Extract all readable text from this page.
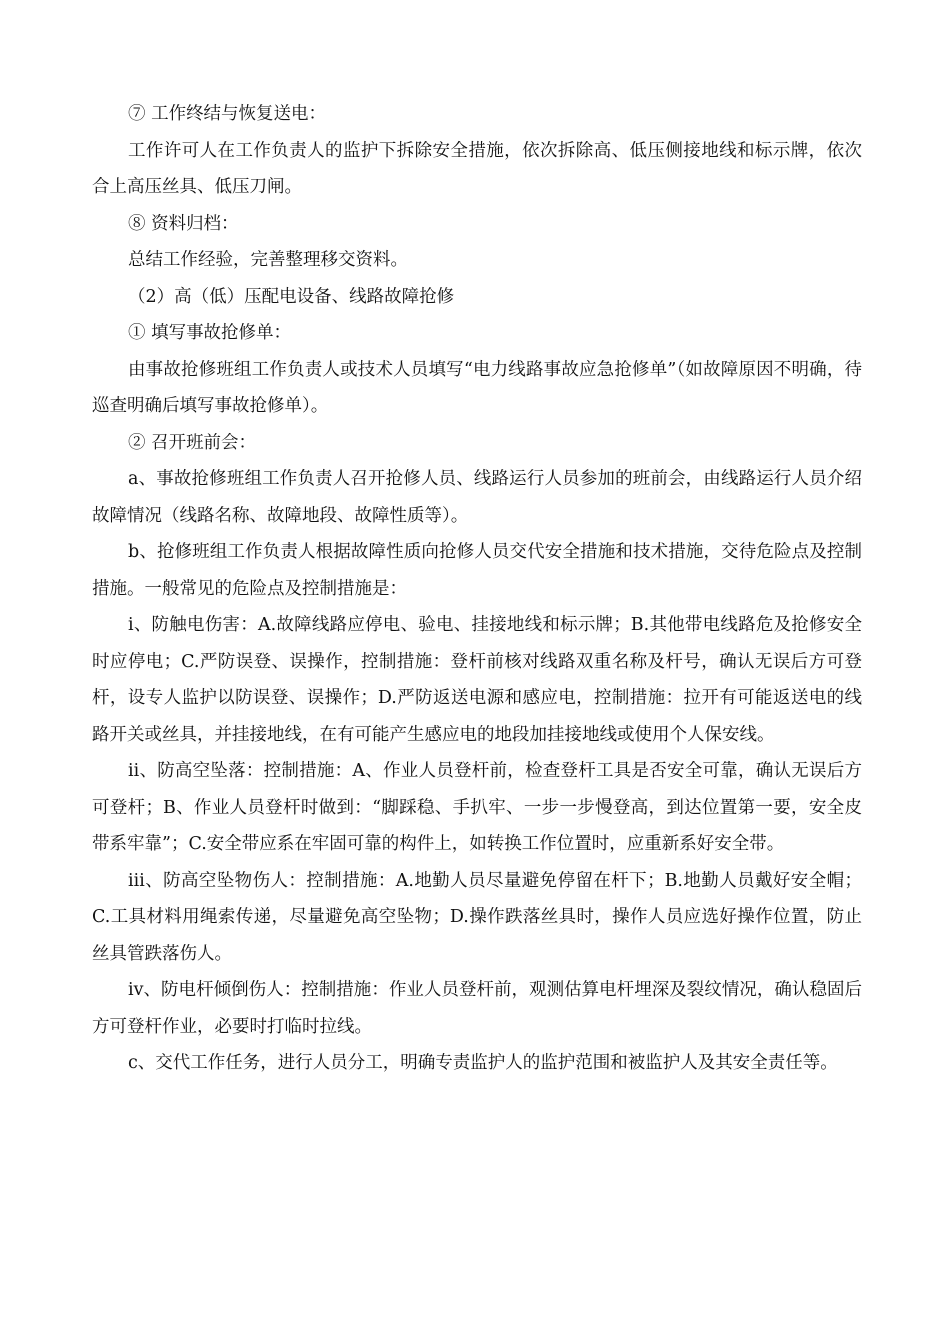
⑦ 工作终结与恢复送电：

工作许可人在工作负责人的监护下拆除安全措施，依次拆除高、低压侧接地线和标示牌，依次合上高压丝具、低压刀闸。

⑧ 资料归档：

总结工作经验，完善整理移交资料。

（2）高（低）压配电设备、线路故障抢修

① 填写事故抢修单：

由事故抢修班组工作负责人或技术人员填写“电力线路事故应急抢修单”（如故障原因不明确，待巡查明确后填写事故抢修单）。

② 召开班前会：

a、事故抢修班组工作负责人召开抢修人员、线路运行人员参加的班前会，由线路运行人员介绍故障情况（线路名称、故障地段、故障性质等）。

b、抢修班组工作负责人根据故障性质向抢修人员交代安全措施和技术措施，交待危险点及控制措施。一般常见的危险点及控制措施是：

ⅰ、防触电伤害：A.故障线路应停电、验电、挂接地线和标示牌；B.其他带电线路危及抢修安全时应停电；C.严防误登、误操作，控制措施：登杆前核对线路双重名称及杆号，确认无误后方可登杆，设专人监护以防误登、误操作；D.严防返送电源和感应电，控制措施：拉开有可能返送电的线路开关或丝具，并挂接地线，在有可能产生感应电的地段加挂接地线或使用个人保安线。

ⅱ、防高空坠落：控制措施：A、作业人员登杆前，检查登杆工具是否安全可靠，确认无误后方可登杆；B、作业人员登杆时做到：“脚踩稳、手扒牢、一步一步慢登高，到达位置第一要，安全皮带系牢靠”；C.安全带应系在牢固可靠的构件上，如转换工作位置时，应重新系好安全带。

ⅲ、防高空坠物伤人：控制措施：A.地勤人员尽量避免停留在杆下；B.地勤人员戴好安全帽；C.工具材料用绳索传递，尽量避免高空坠物；D.操作跌落丝具时，操作人员应选好操作位置，防止丝具管跌落伤人。

ⅳ、防电杆倾倒伤人：控制措施：作业人员登杆前，观测估算电杆埋深及裂纹情况，确认稳固后方可登杆作业，必要时打临时拉线。

c、交代工作任务，进行人员分工，明确专责监护人的监护范围和被监护人及其安全责任等。
